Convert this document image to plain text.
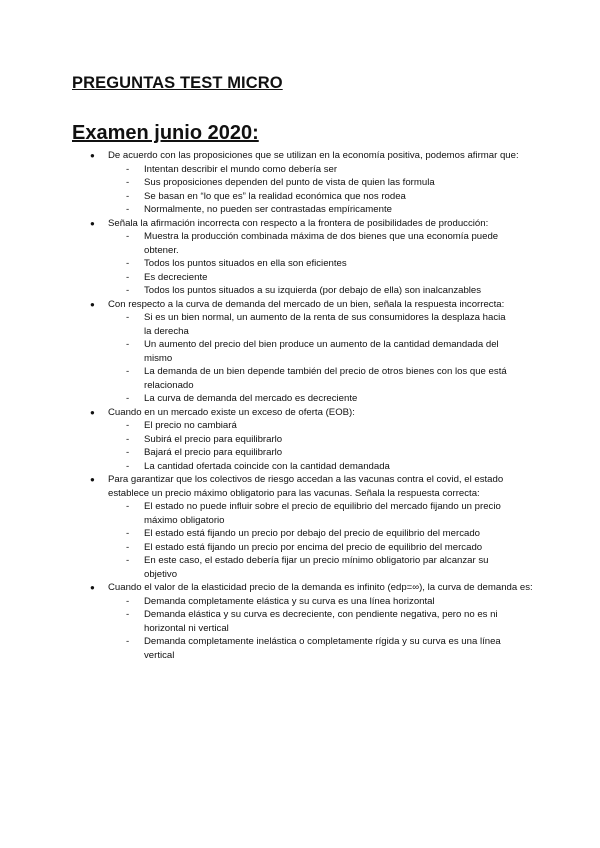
PREGUNTAS TEST MICRO
Examen junio 2020:
● De acuerdo con las proposiciones que se utilizan en la economía positiva, podemos afirmar que:
- Intentan describir el mundo como debería ser
- Sus proposiciones dependen del punto de vista de quien las formula
- Se basan en “lo que es” la realidad económica que nos rodea
- Normalmente, no pueden ser contrastadas empíricamente
● Señala la afirmación incorrecta con respecto a la frontera de posibilidades de producción:
- Muestra la producción combinada máxima de dos bienes que una economía puede obtener.
- Todos los puntos situados en ella son eficientes
- Es decreciente
- Todos los puntos situados a su izquierda (por debajo de ella) son inalcanzables
● Con respecto a la curva de demanda del mercado de un bien, señala la respuesta incorrecta:
- Si es un bien normal, un aumento de la renta de sus consumidores la desplaza hacia la derecha
- Un aumento del precio del bien produce un aumento de la cantidad demandada del mismo
- La demanda de un bien depende también del precio de otros bienes con los que está relacionado
- La curva de demanda del mercado es decreciente
● Cuando en un mercado existe un exceso de oferta (EOB):
- El precio no cambiará
- Subirá el precio para equilibrarlo
- Bajará el precio para equilibrarlo
- La cantidad ofertada coincide con la cantidad demandada
● Para garantizar que los colectivos de riesgo accedan a las vacunas contra el covid, el estado establece un precio máximo obligatorio para las vacunas. Señala la respuesta correcta:
- El estado no puede influir sobre el precio de equilibrio del mercado fijando un precio máximo obligatorio
- El estado está fijando un precio por debajo del precio de equilibrio del mercado
- El estado está fijando un precio por encima del precio de equilibrio del mercado
- En este caso, el estado debería fijar un precio mínimo obligatorio par alcanzar su objetivo
● Cuando el valor de la elasticidad precio de la demanda es infinito (edp=∞), la curva de demanda es:
- Demanda completamente elástica y su curva es una línea horizontal
- Demanda elástica y su curva es decreciente, con pendiente negativa, pero no es ni horizontal ni vertical
- Demanda completamente inelástica o completamente rígida y su curva es una línea vertical
